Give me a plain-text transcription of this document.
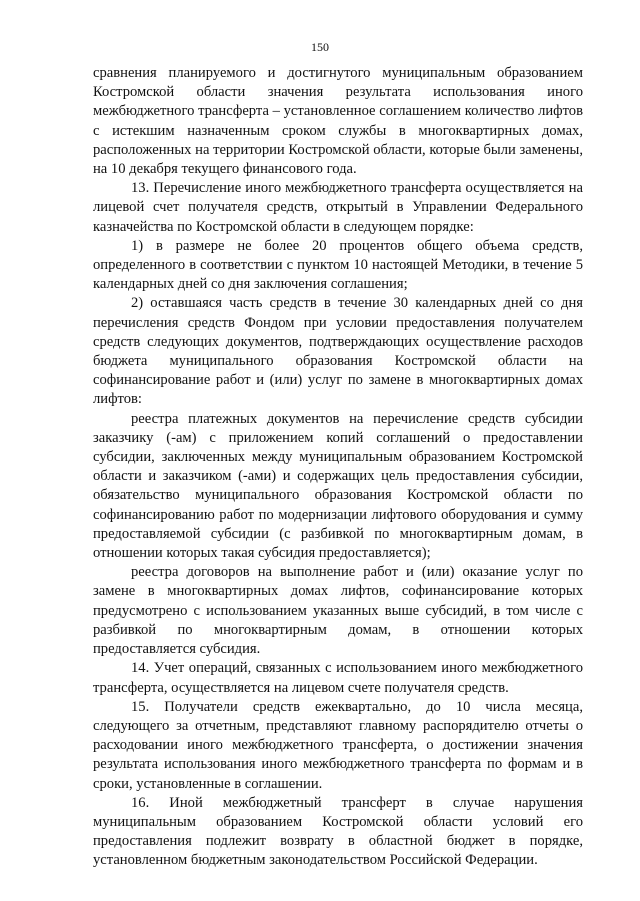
150

сравнения планируемого и достигнутого муниципальным образованием Костромской области значения результата использования иного межбюджетного трансферта – установленное соглашением количество лифтов с истекшим назначенным сроком службы в многоквартирных домах, расположенных на территории Костромской области, которые были заменены, на 10 декабря текущего финансового года.

13. Перечисление иного межбюджетного трансферта осуществляется на лицевой счет получателя средств, открытый в Управлении Федерального казначейства по Костромской области в следующем порядке:

1) в размере не более 20 процентов общего объема средств, определенного в соответствии с пунктом 10 настоящей Методики, в течение 5 календарных дней со дня заключения соглашения;

2) оставшаяся часть средств в течение 30 календарных дней со дня перечисления средств Фондом при условии предоставления получателем средств следующих документов, подтверждающих осуществление расходов бюджета муниципального образования Костромской области на софинансирование работ и (или) услуг по замене в многоквартирных домах лифтов:

реестра платежных документов на перечисление средств субсидии заказчику (-ам) с приложением копий соглашений о предоставлении субсидии, заключенных между муниципальным образованием Костромской области и заказчиком (-ами) и содержащих цель предоставления субсидии, обязательство муниципального образования Костромской области по софинансированию работ по модернизации лифтового оборудования и сумму предоставляемой субсидии (с разбивкой по многоквартирным домам, в отношении которых такая субсидия предоставляется);

реестра договоров на выполнение работ и (или) оказание услуг по замене в многоквартирных домах лифтов, софинансирование которых предусмотрено с использованием указанных выше субсидий, в том числе с разбивкой по многоквартирным домам, в отношении которых предоставляется субсидия.

14. Учет операций, связанных с использованием иного межбюджетного трансферта, осуществляется на лицевом счете получателя средств.

15. Получатели средств ежеквартально, до 10 числа месяца, следующего за отчетным, представляют главному распорядителю отчеты о расходовании иного межбюджетного трансферта, о достижении значения результата использования иного межбюджетного трансферта по формам и в сроки, установленные в соглашении.

16. Иной межбюджетный трансферт в случае нарушения муниципальным образованием Костромской области условий его предоставления подлежит возврату в областной бюджет в порядке, установленном бюджетным законодательством Российской Федерации.
